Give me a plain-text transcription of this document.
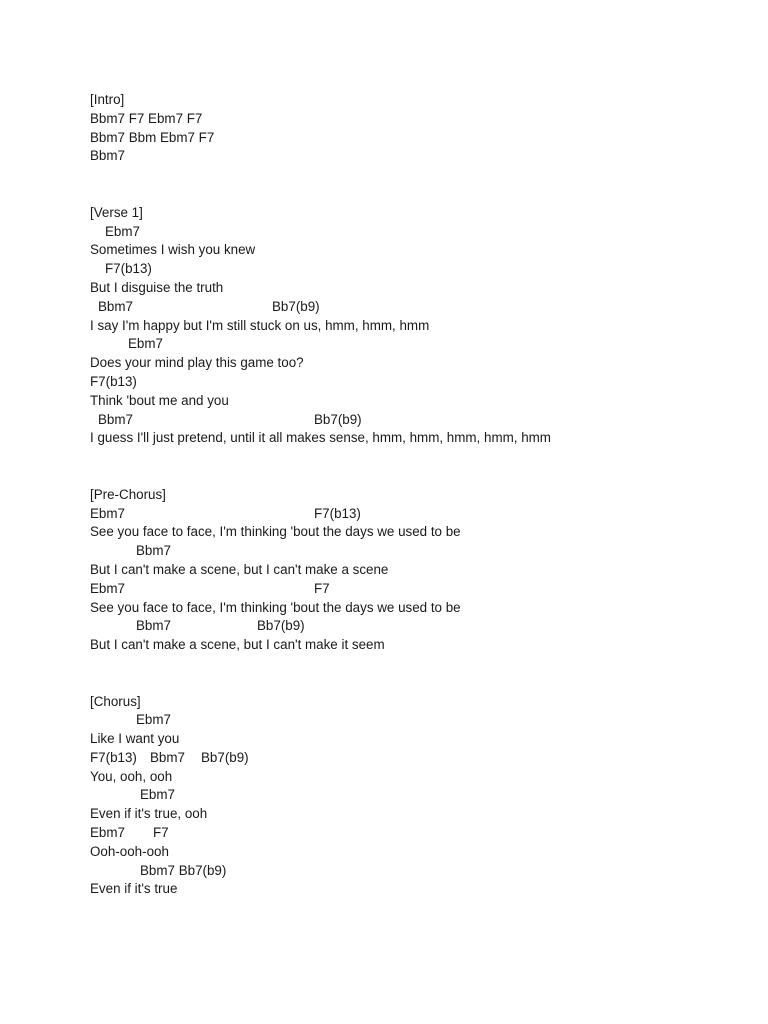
[Intro]
Bbm7 F7 Ebm7 F7
Bbm7 Bbm Ebm7 F7
Bbm7
[Verse 1]
Ebm7
Sometimes I wish you knew
F7(b13)
But I disguise the truth
Bbm7	Bb7(b9)
I say I'm happy but I'm still stuck on us, hmm, hmm, hmm
Ebm7
Does your mind play this game too?
F7(b13)
Think 'bout me and you
Bbm7	Bb7(b9)
I guess I'll just pretend, until it all makes sense, hmm, hmm, hmm, hmm, hmm
[Pre-Chorus]
Ebm7	F7(b13)
See you face to face, I'm thinking 'bout the days we used to be
Bbm7
But I can't make a scene, but I can't make a scene
Ebm7	F7
See you face to face, I'm thinking 'bout the days we used to be
Bbm7	Bb7(b9)
But I can't make a scene, but I can't make it seem
[Chorus]
Ebm7
Like I want you
F7(b13) Bbm7 Bb7(b9)
You, ooh, ooh
Ebm7
Even if it's true, ooh
Ebm7 F7
Ooh-ooh-ooh
Bbm7 Bb7(b9)
Even if it's true
